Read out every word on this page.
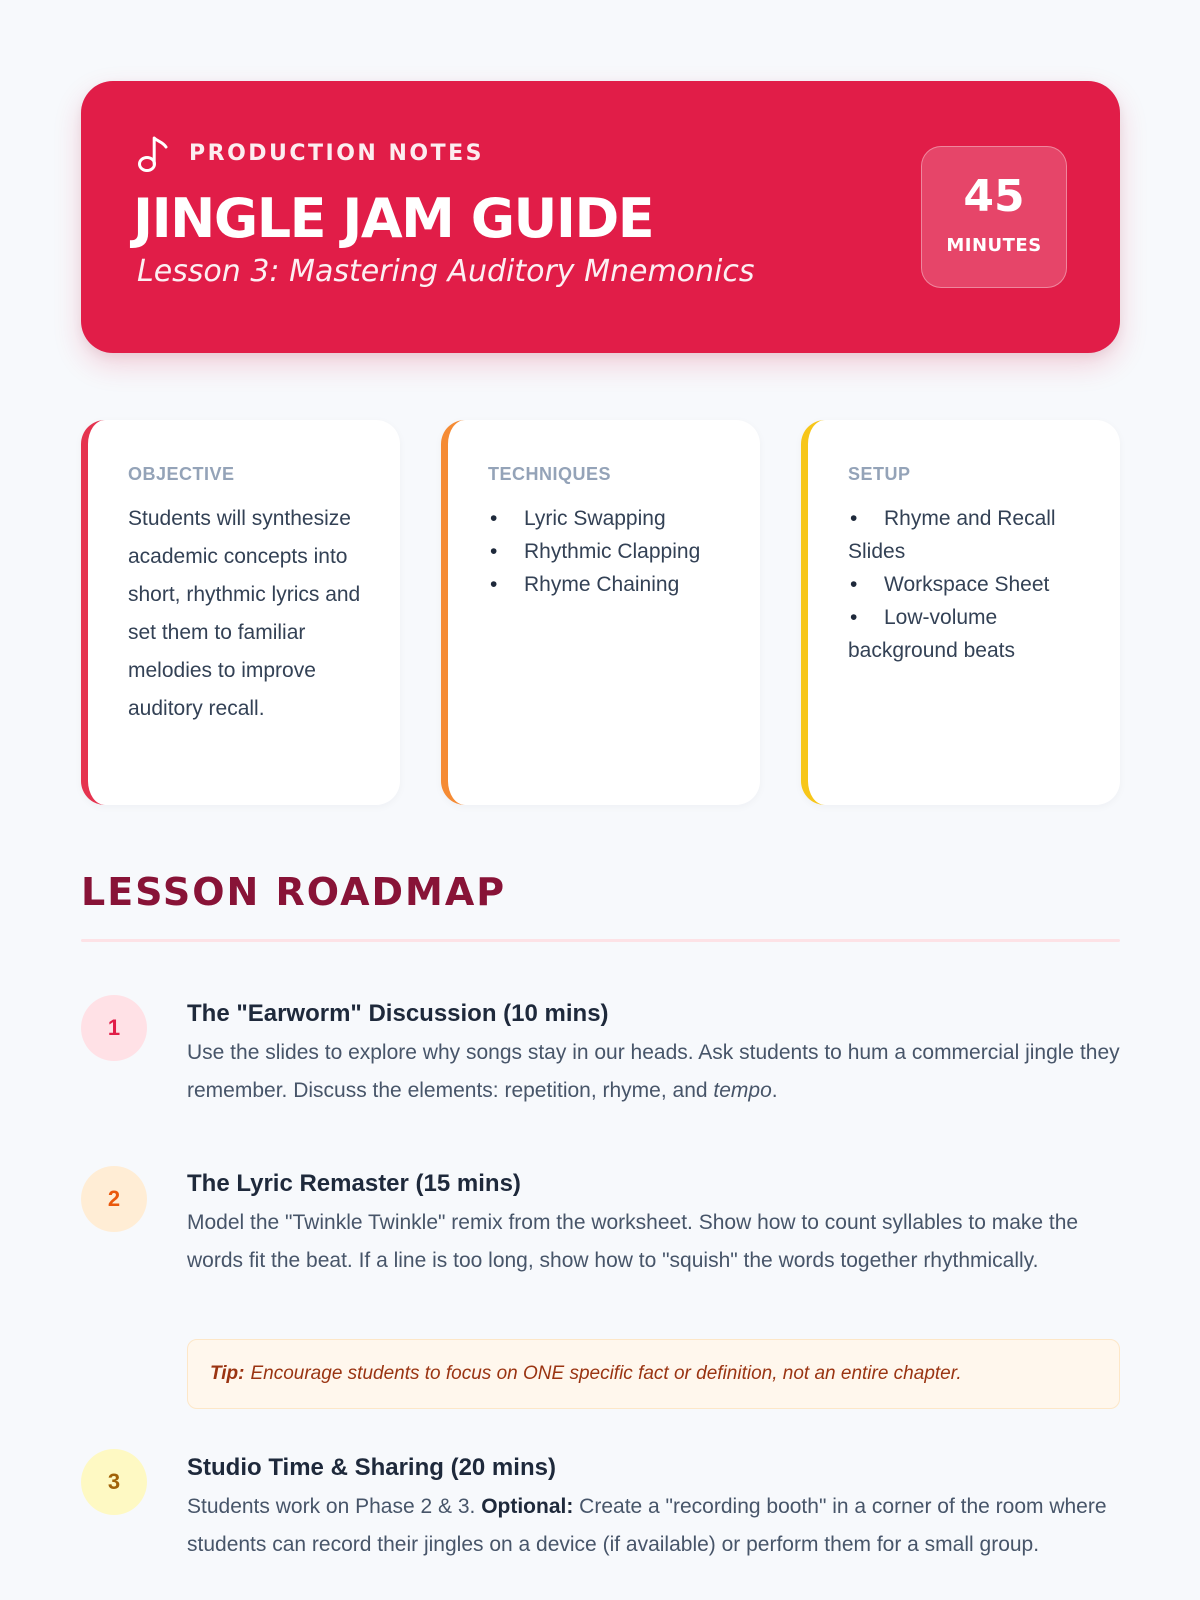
PRODUCTION NOTES
JINGLE JAM GUIDE
Lesson 3: Mastering Auditory Mnemonics
45
MINUTES
OBJECTIVE
Students will synthesize academic concepts into short, rhythmic lyrics and set them to familiar melodies to improve auditory recall.
TECHNIQUES
• Lyric Swapping
• Rhythmic Clapping
• Rhyme Chaining
SETUP
• Rhyme and Recall Slides
• Workspace Sheet
• Low-volume background beats
LESSON ROADMAP
1
The "Earworm" Discussion (10 mins)
Use the slides to explore why songs stay in our heads. Ask students to hum a commercial jingle they remember. Discuss the elements: repetition, rhyme, and tempo.
2
The Lyric Remaster (15 mins)
Model the "Twinkle Twinkle" remix from the worksheet. Show how to count syllables to make the words fit the beat. If a line is too long, show how to "squish" the words together rhythmically.
Tip: Encourage students to focus on ONE specific fact or definition, not an entire chapter.
3
Studio Time & Sharing (20 mins)
Students work on Phase 2 & 3. Optional: Create a "recording booth" in a corner of the room where students can record their jingles on a device (if available) or perform them for a small group.
